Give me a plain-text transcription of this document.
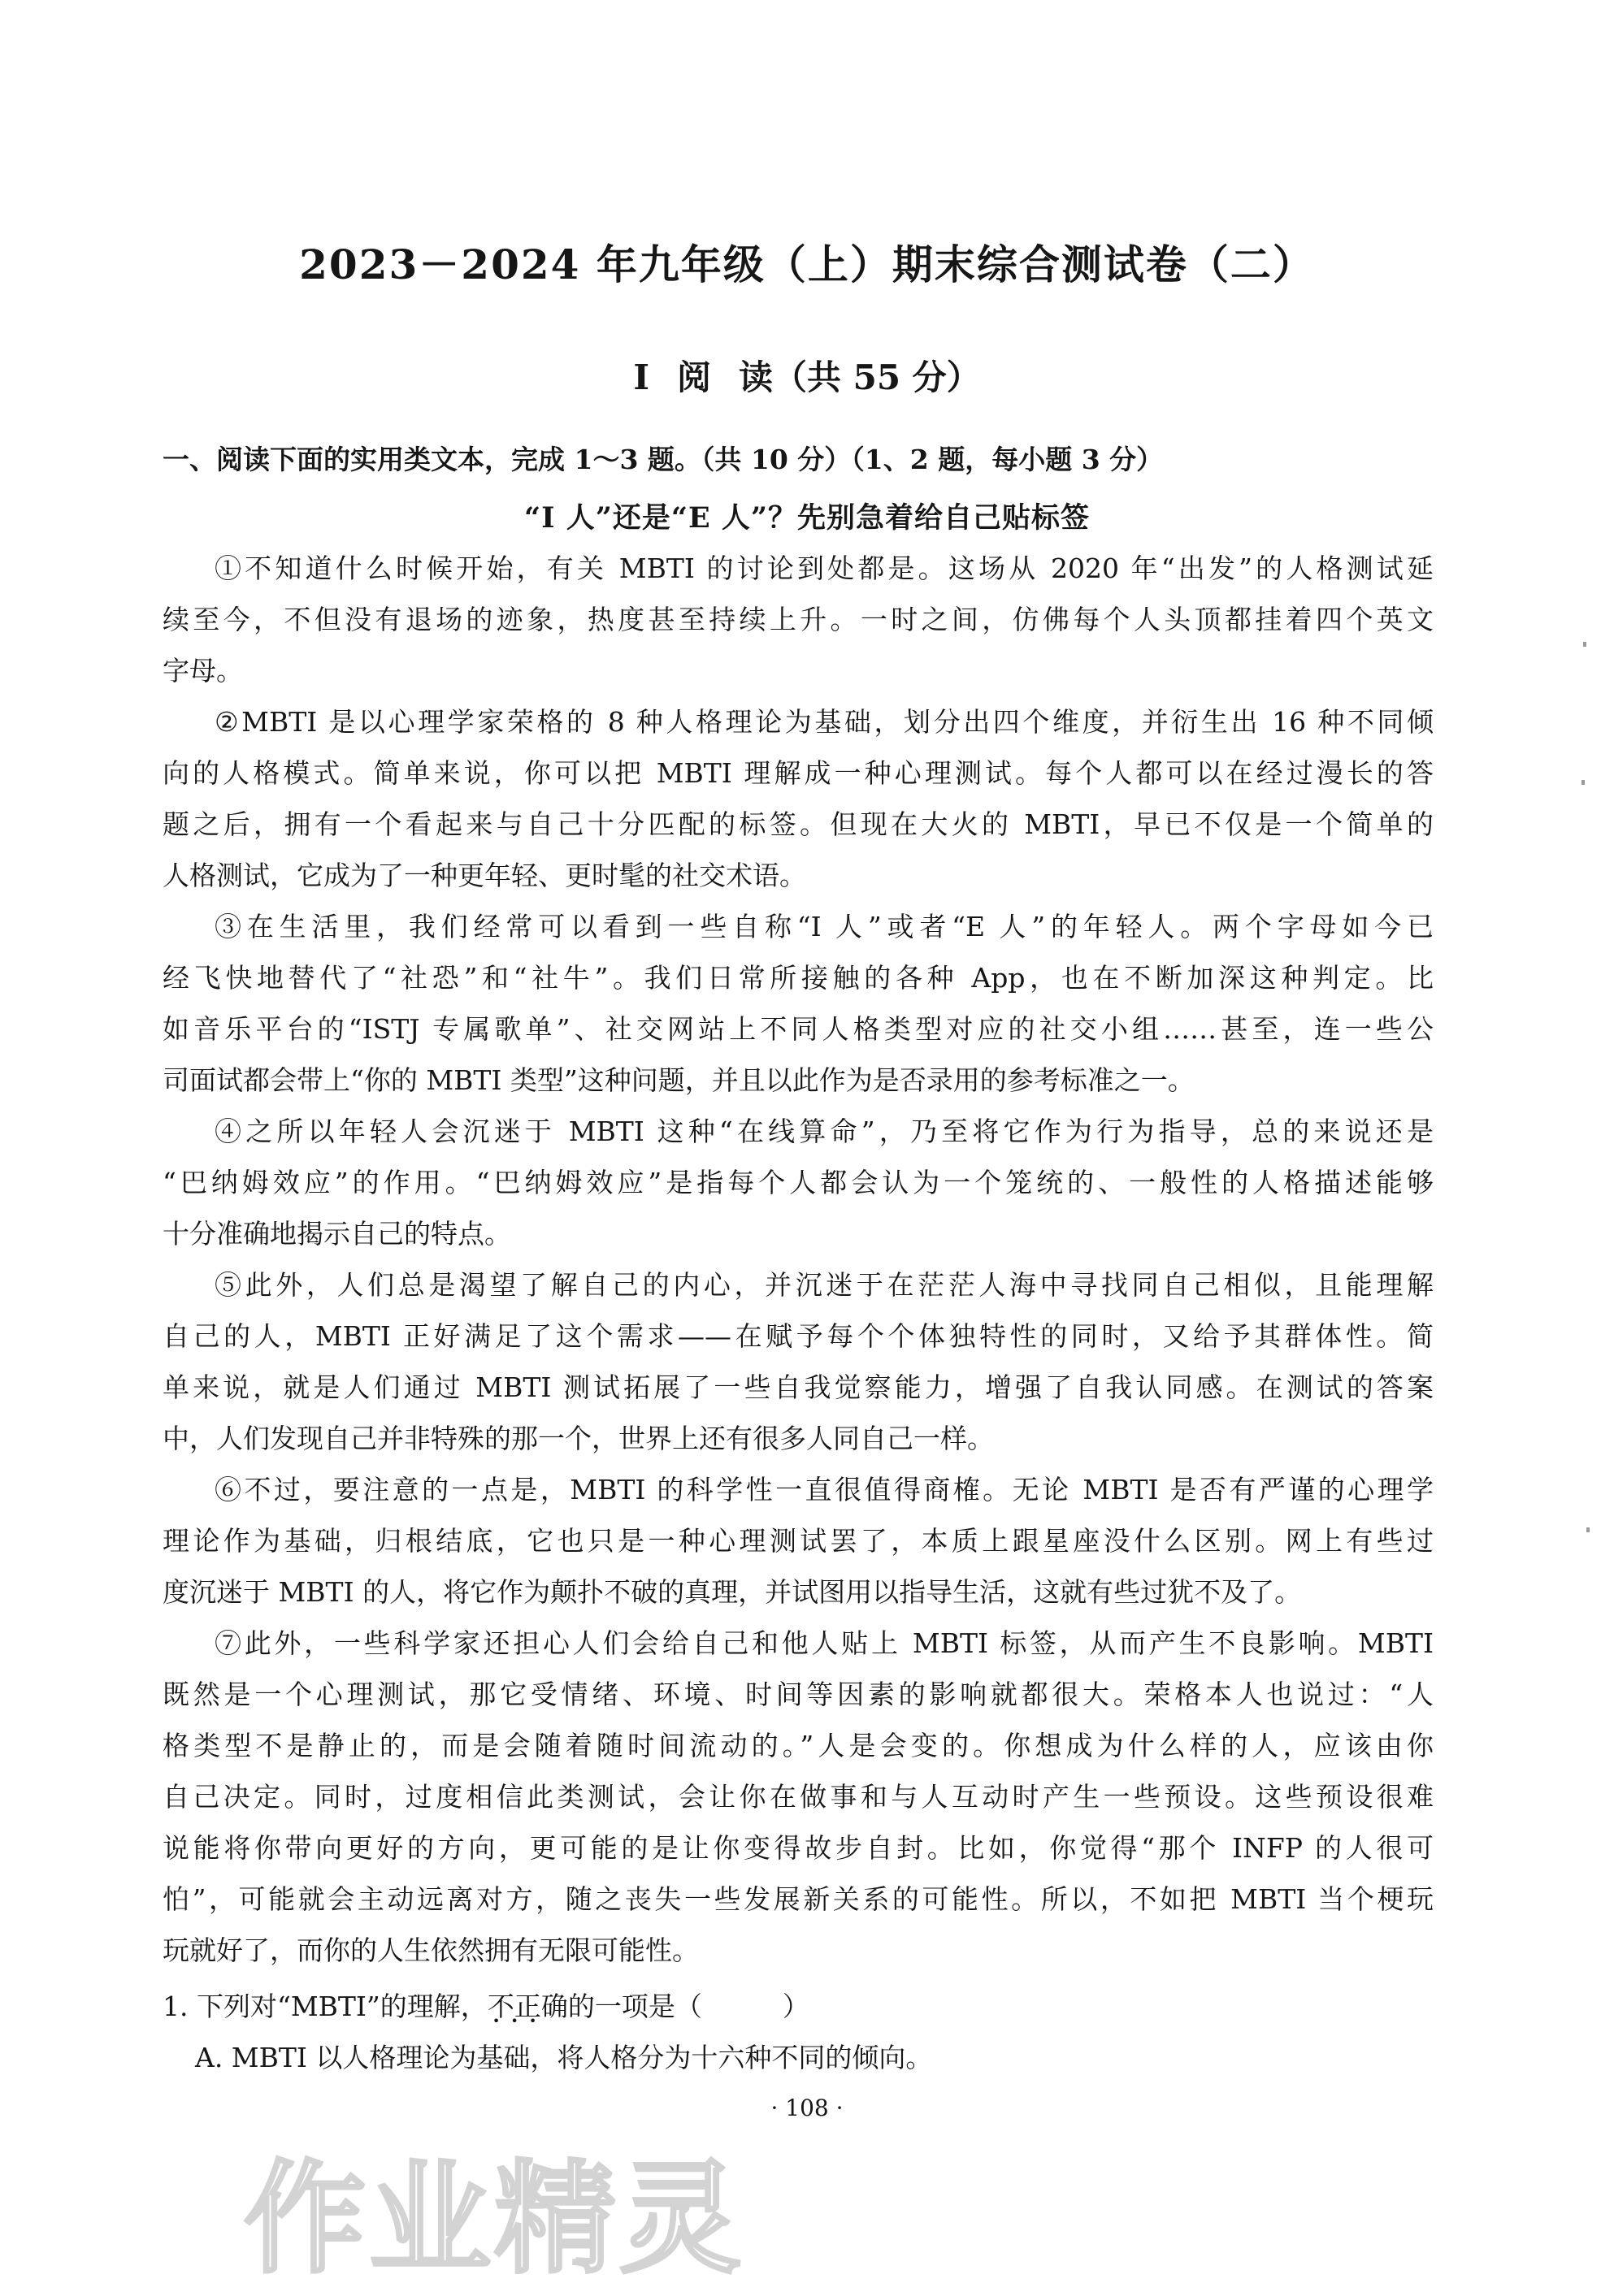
2023－2024 年九年级（上）期末综合测试卷（二）
Ⅰ 阅 读（共 55 分）
一、阅读下面的实用类文本，完成 1～3 题。（共 10 分）（1、2 题，每小题 3 分）
“I 人”还是“E 人”？先别急着给自己贴标签
①不知道什么时候开始，有关 MBTI 的讨论到处都是。这场从 2020 年“出发”的人格测试延
续至今，不但没有退场的迹象，热度甚至持续上升。一时之间，仿佛每个人头顶都挂着四个英文
字母。
②MBTI 是以心理学家荣格的 8 种人格理论为基础，划分出四个维度，并衍生出 16 种不同倾
向的人格模式。简单来说，你可以把 MBTI 理解成一种心理测试。每个人都可以在经过漫长的答
题之后，拥有一个看起来与自己十分匹配的标签。但现在大火的 MBTI，早已不仅是一个简单的
人格测试，它成为了一种更年轻、更时髦的社交术语。
③在生活里，我们经常可以看到一些自称“I 人”或者“E 人”的年轻人。两个字母如今已
经飞快地替代了“社恐”和“社牛”。我们日常所接触的各种 App，也在不断加深这种判定。比
如音乐平台的“ISTJ 专属歌单”、社交网站上不同人格类型对应的社交小组……甚至，连一些公
司面试都会带上“你的 MBTI 类型”这种问题，并且以此作为是否录用的参考标准之一。
④之所以年轻人会沉迷于 MBTI 这种“在线算命”，乃至将它作为行为指导，总的来说还是
“巴纳姆效应”的作用。“巴纳姆效应”是指每个人都会认为一个笼统的、一般性的人格描述能够
十分准确地揭示自己的特点。
⑤此外，人们总是渴望了解自己的内心，并沉迷于在茫茫人海中寻找同自己相似，且能理解
自己的人，MBTI 正好满足了这个需求——在赋予每个个体独特性的同时，又给予其群体性。简
单来说，就是人们通过 MBTI 测试拓展了一些自我觉察能力，增强了自我认同感。在测试的答案
中，人们发现自己并非特殊的那一个，世界上还有很多人同自己一样。
⑥不过，要注意的一点是，MBTI 的科学性一直很值得商榷。无论 MBTI 是否有严谨的心理学
理论作为基础，归根结底，它也只是一种心理测试罢了，本质上跟星座没什么区别。网上有些过
度沉迷于 MBTI 的人，将它作为颠扑不破的真理，并试图用以指导生活，这就有些过犹不及了。
⑦此外，一些科学家还担心人们会给自己和他人贴上 MBTI 标签，从而产生不良影响。MBTI
既然是一个心理测试，那它受情绪、环境、时间等因素的影响就都很大。荣格本人也说过：“人
格类型不是静止的，而是会随着随时间流动的。”人是会变的。你想成为什么样的人，应该由你
自己决定。同时，过度相信此类测试，会让你在做事和与人互动时产生一些预设。这些预设很难
说能将你带向更好的方向，更可能的是让你变得故步自封。比如，你觉得“那个 INFP 的人很可
怕”，可能就会主动远离对方，随之丧失一些发展新关系的可能性。所以，不如把 MBTI 当个梗玩
玩就好了，而你的人生依然拥有无限可能性。
1. 下列对“MBTI”的理解，不正确 • • •的一项是（　　　）
A. MBTI 以人格理论为基础，将人格分为十六种不同的倾向。
· 108 ·
作业精灵
